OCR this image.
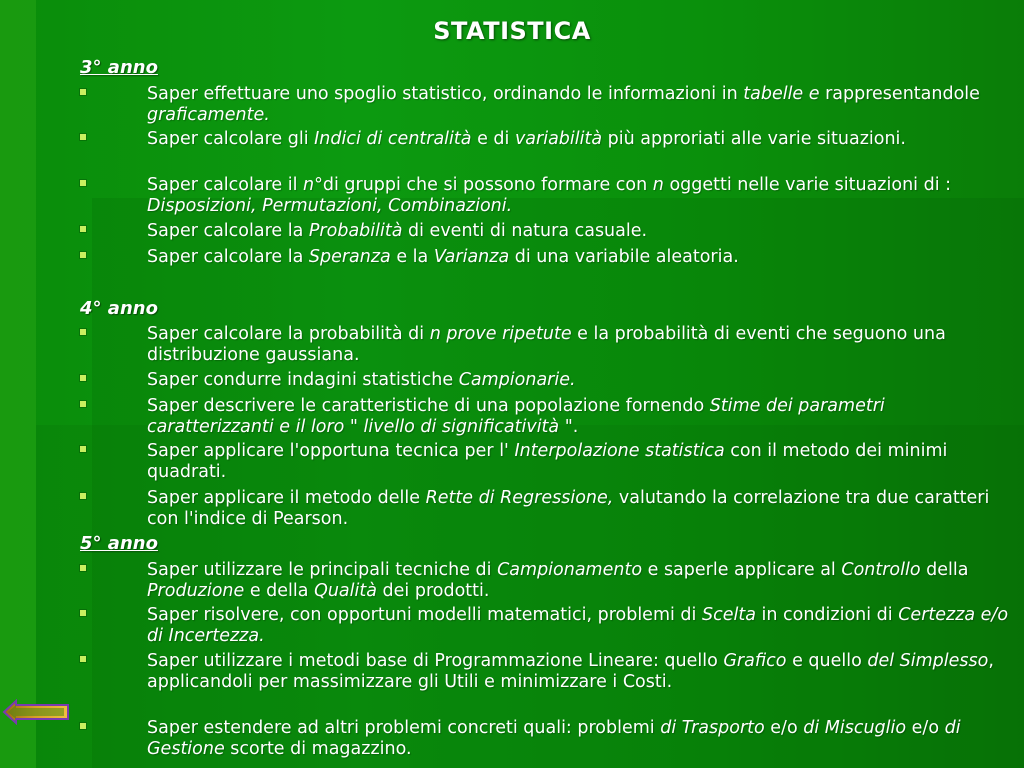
STATISTICA
3° anno
Saper effettuare uno spoglio statistico, ordinando le informazioni in tabelle e rappresentandole graficamente.
Saper calcolare gli Indici di centralità e di variabilità più approriati alle varie situazioni.
Saper calcolare il n°di gruppi che si possono formare con n oggetti nelle varie situazioni di : Disposizioni, Permutazioni, Combinazioni.
Saper calcolare la Probabilità di eventi di natura casuale.
Saper calcolare la Speranza e la Varianza di una variabile aleatoria.
4° anno
Saper calcolare la probabilità di n prove ripetute e la probabilità di eventi che seguono una distribuzione gaussiana.
Saper condurre indagini statistiche Campionarie.
Saper descrivere le caratteristiche di una popolazione fornendo Stime dei parametri caratterizzanti e il loro " livello di significatività ".
Saper applicare l'opportuna tecnica per l' Interpolazione statistica con il metodo dei minimi quadrati.
Saper applicare il metodo delle Rette di Regressione, valutando la correlazione tra due caratteri con l'indice di Pearson.
5° anno
Saper utilizzare le principali tecniche di Campionamento e saperle applicare al Controllo della Produzione e della Qualità dei prodotti.
Saper risolvere, con opportuni modelli matematici, problemi di Scelta in condizioni di Certezza e/o di Incertezza.
Saper utilizzare i metodi base di Programmazione Lineare: quello Grafico e quello del Simplesso, applicandoli per massimizzare gli Utili e minimizzare i Costi.
Saper estendere ad altri problemi concreti quali: problemi di Trasporto e/o di Miscuglio e/o di Gestione scorte di magazzino.
